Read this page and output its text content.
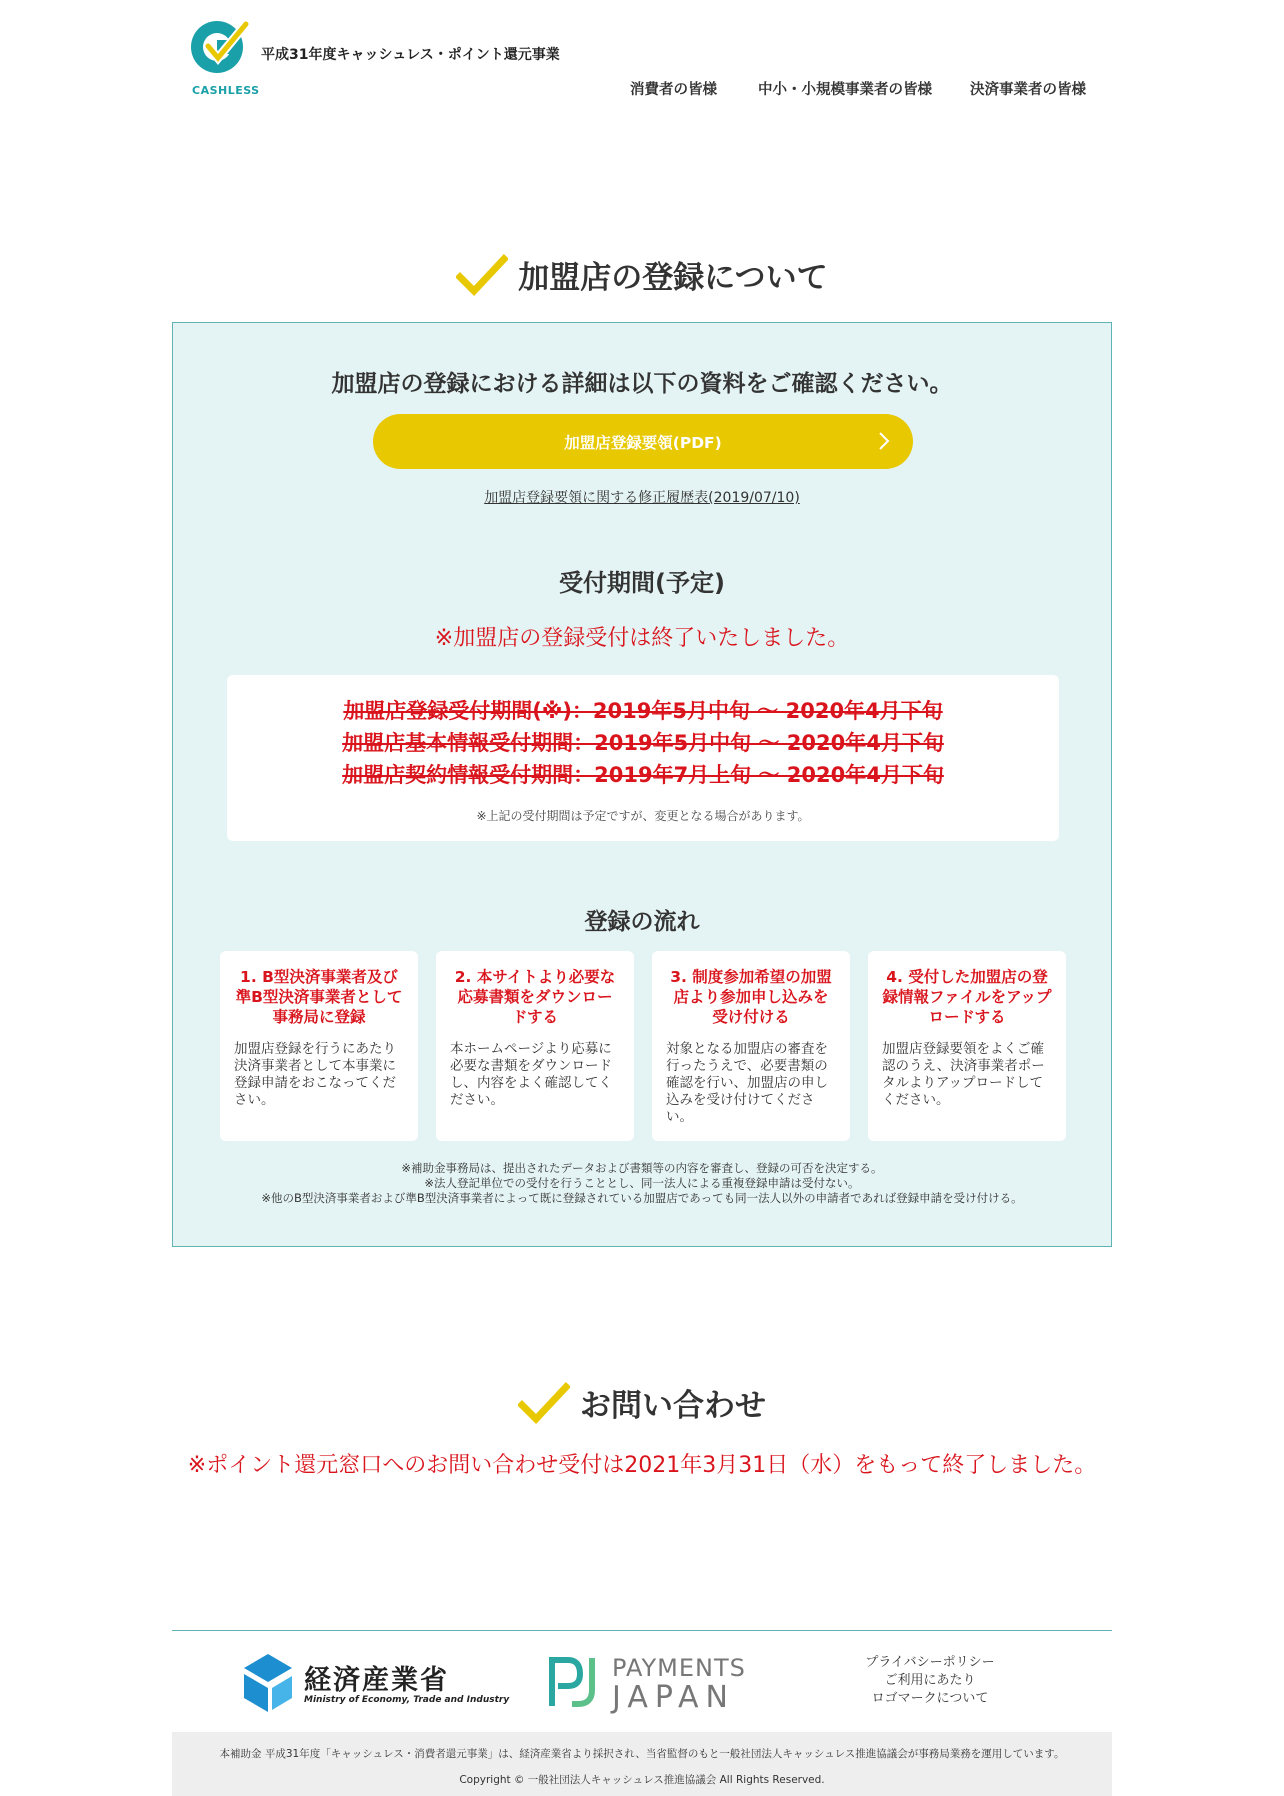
CASHLESS
平成31年度キャッシュレス・ポイント還元事業
消費者の皆様	中小・小規模事業者の皆様	決済事業者の皆様
加盟店の登録について
加盟店の登録における詳細は以下の資料をご確認ください。
加盟店登録要領(PDF)
加盟店登録要領に関する修正履歴表(2019/07/10)
受付期間(予定)
※加盟店の登録受付は終了いたしました。
加盟店登録受付期間(※)：2019年5月中旬 〜 2020年4月下旬
加盟店基本情報受付期間：2019年5月中旬 〜 2020年4月下旬
加盟店契約情報受付期間：2019年7月上旬 〜 2020年4月下旬
※上記の受付期間は予定ですが、変更となる場合があります。
登録の流れ
1. B型決済事業者及び準B型決済事業者として事務局に登録
加盟店登録を行うにあたり決済事業者として本事業に登録申請をおこなってください。
2. 本サイトより必要な応募書類をダウンロードする
本ホームページより応募に必要な書類をダウンロードし、内容をよく確認してください。
3. 制度参加希望の加盟店より参加申し込みを受け付ける
対象となる加盟店の審査を行ったうえで、必要書類の確認を行い、加盟店の申し込みを受け付けてください。
4. 受付した加盟店の登録情報ファイルをアップロードする
加盟店登録要領をよくご確認のうえ、決済事業者ポータルよりアップロードしてください。
※補助金事務局は、提出されたデータおよび書類等の内容を審査し、登録の可否を決定する。
※法人登記単位での受付を行うこととし、同一法人による重複登録申請は受付ない。
※他のB型決済事業者および準B型決済事業者によって既に登録されている加盟店であっても同一法人以外の申請者であれば登録申請を受け付ける。
お問い合わせ
※ポイント還元窓口へのお問い合わせ受付は2021年3月31日（水）をもって終了しました。
経済産業省
Ministry of Economy, Trade and Industry
PAYMENTS
JAPAN
プライバシーポリシー
ご利用にあたり
ロゴマークについて
本補助金 平成31年度「キャッシュレス・消費者還元事業」は、経済産業省より採択され、当省監督のもと一般社団法人キャッシュレス推進協議会が事務局業務を運用しています。
Copyright © 一般社団法人キャッシュレス推進協議会 All Rights Reserved.
